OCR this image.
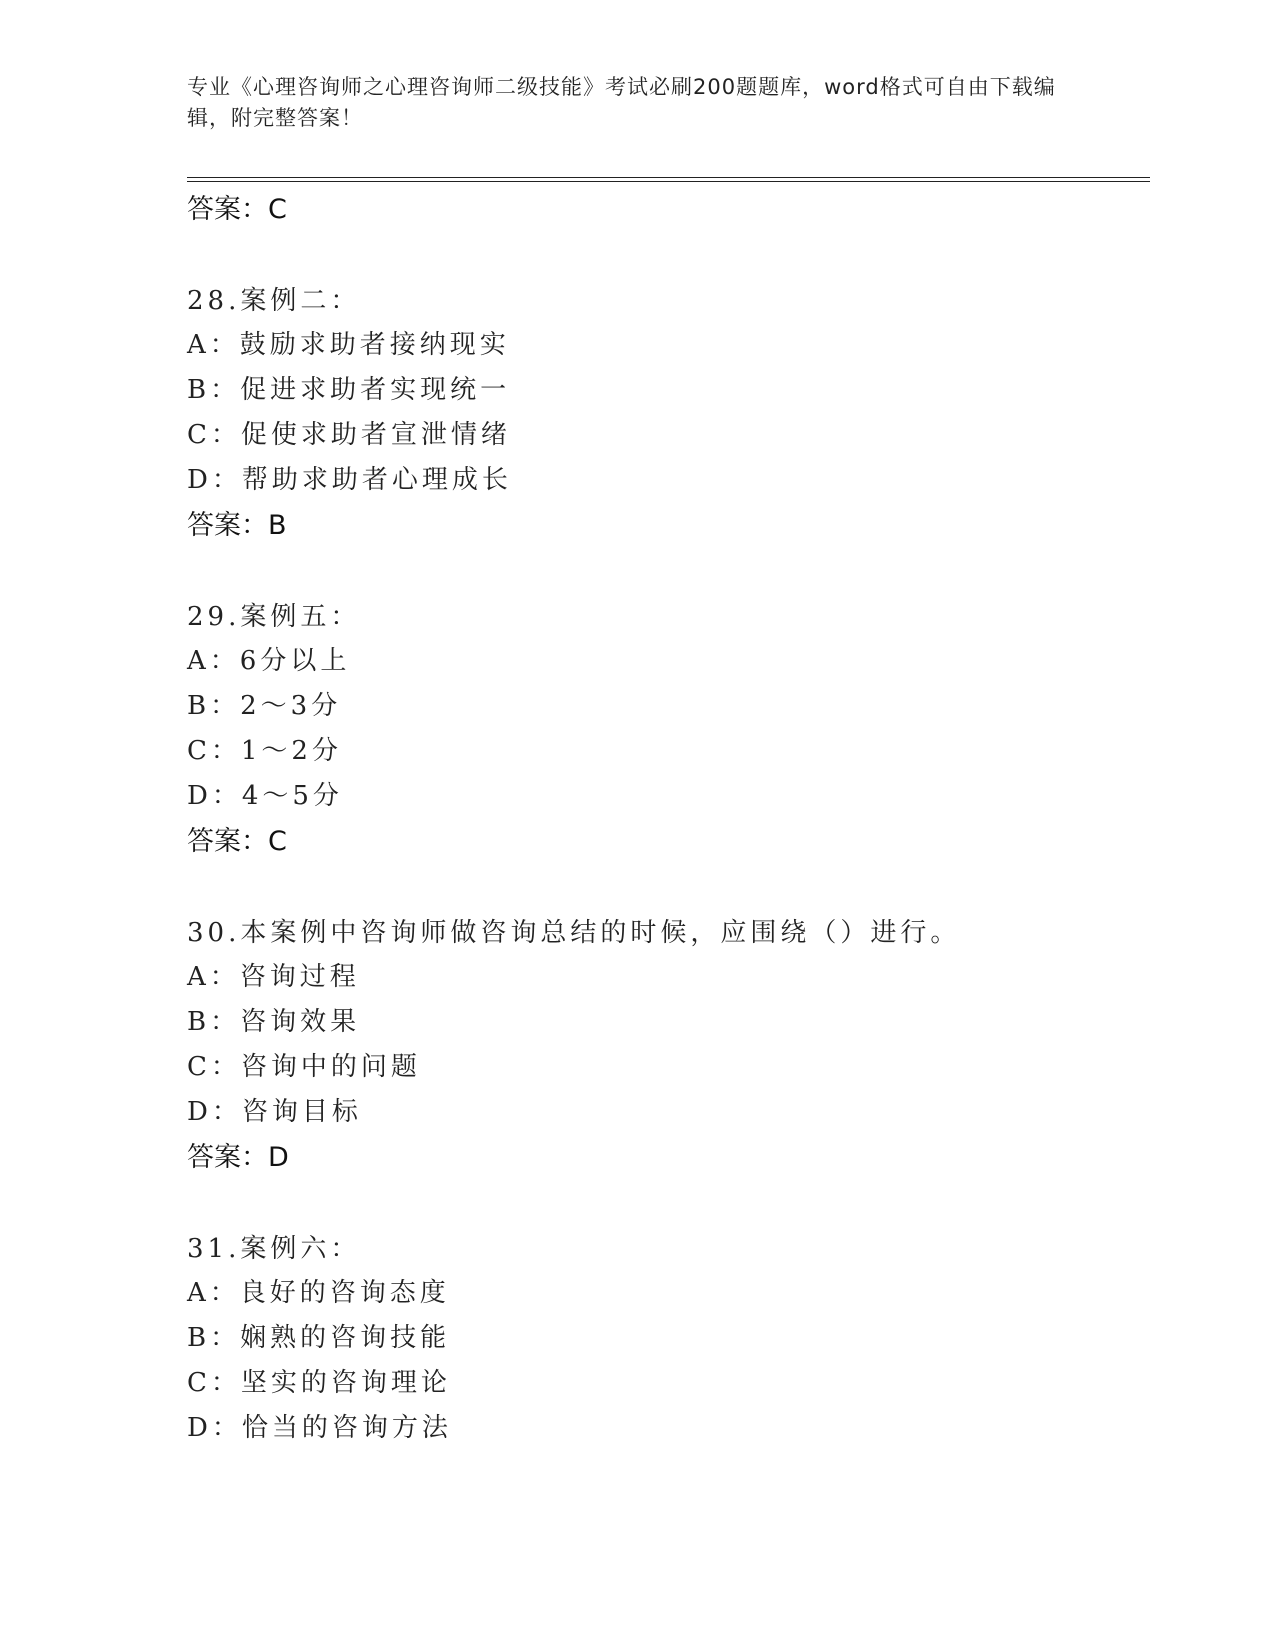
专业《心理咨询师之心理咨询师二级技能》考试必刷200题题库，word格式可自由下载编辑，附完整答案！
答案：C
28.案例二：
A：鼓励求助者接纳现实
B：促进求助者实现统一
C：促使求助者宣泄情绪
D：帮助求助者心理成长
答案：B
29.案例五：
A：6分以上
B：2～3分
C：1～2分
D：4～5分
答案：C
30.本案例中咨询师做咨询总结的时候，应围绕（）进行。
A：咨询过程
B：咨询效果
C：咨询中的问题
D：咨询目标
答案：D
31.案例六：
A：良好的咨询态度
B：娴熟的咨询技能
C：坚实的咨询理论
D：恰当的咨询方法
